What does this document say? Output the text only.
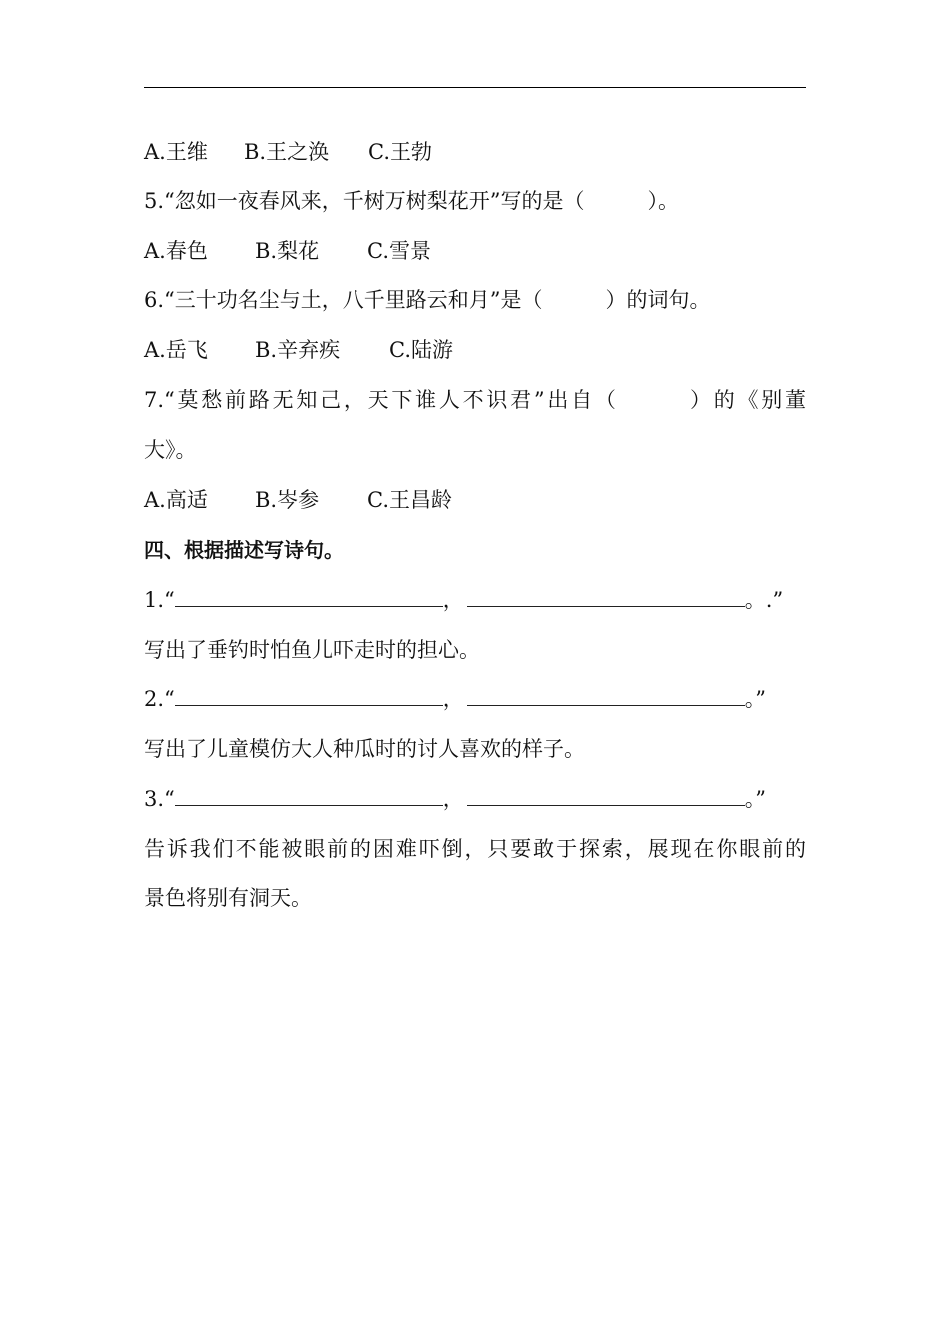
A.王维 B.王之涣 C.王勃
5.“忽如一夜春风来，千树万树梨花开”写的是（　　　）。
A.春色 B.梨花 C.雪景
6.“三十功名尘与土，八千里路云和月”是（　　　）的词句。
A.岳飞 B.辛弃疾 C.陆游
7.“莫愁前路无知己，天下谁人不识君”出自（　　　）的《别董
大》。
A.高适 B.岑参 C.王昌龄
四、根据描述写诗句。
1.“	，	。.”
写出了垂钓时怕鱼儿吓走时的担心。
2.“	，	。”
写出了儿童模仿大人种瓜时的讨人喜欢的样子。
3.“	，	。”
告诉我们不能被眼前的困难吓倒，只要敢于探索，展现在你眼前的
景色将别有洞天。
